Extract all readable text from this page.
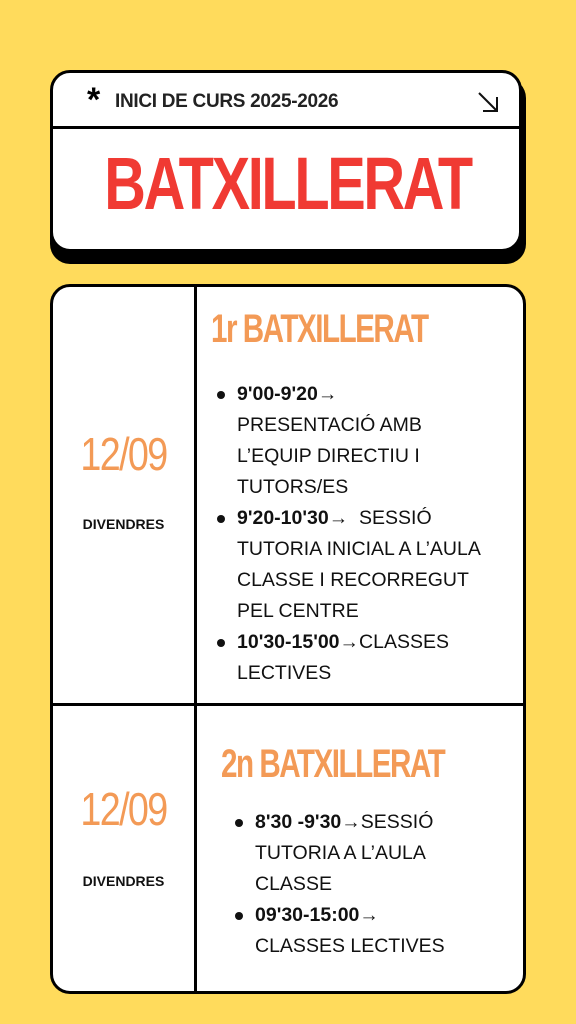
* INICI DE CURS 2025-2026
BATXILLERAT
12/09
DIVENDRES
1r BATXILLERAT
9'00-9'20→
PRESENTACIÓ AMB
L’EQUIP DIRECTIU I
TUTORS/ES
9'20-10'30→ SESSIÓ
TUTORIA INICIAL A L’AULA
CLASSE I RECORREGUT
PEL CENTRE
10'30-15'00→CLASSES
LECTIVES
12/09
DIVENDRES
2n BATXILLERAT
8'30 -9'30→SESSIÓ
TUTORIA A L’AULA
CLASSE
09'30-15:00→
CLASSES LECTIVES
